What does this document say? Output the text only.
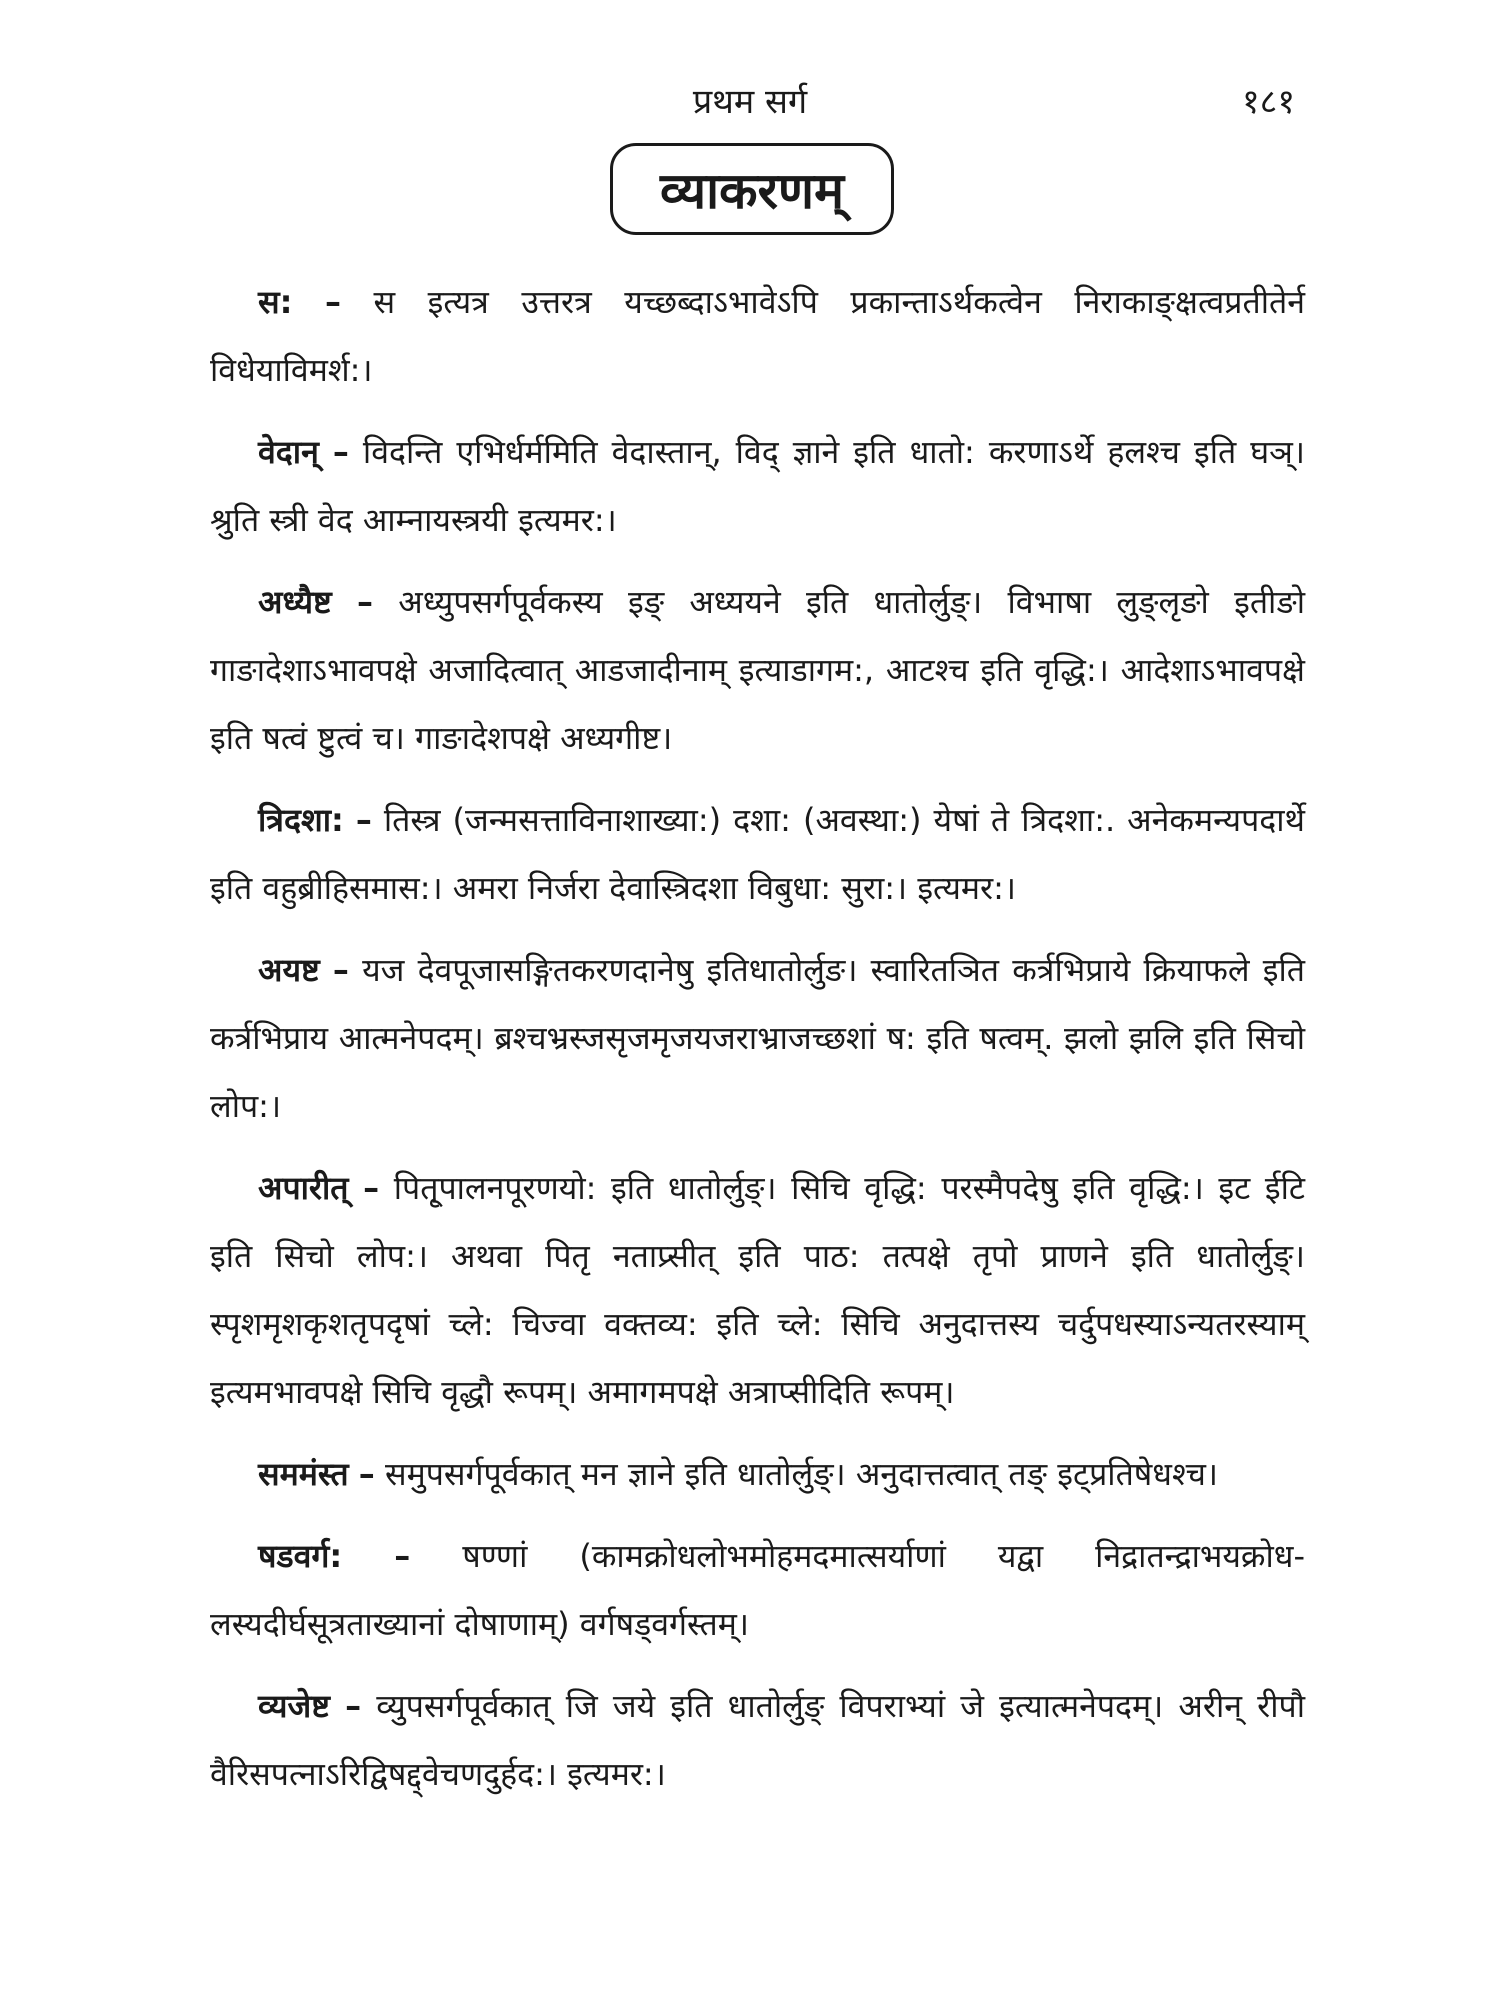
प्रथम सर्ग	१८१
व्याकरणम्

स: – स इत्यत्र उत्तरत्र यच्छब्दाऽभावेऽपि प्रकान्ताऽर्थकत्वेन निराकाङ्क्षत्वप्रतीतेर्न विधेयाविमर्श:।

वेदान् – विदन्ति एभिर्धर्ममिति वेदास्तान्, विद् ज्ञाने इति धातो: करणाऽर्थे हलश्च इति घञ्। श्रुति स्त्री वेद आम्नायस्त्रयी इत्यमर:।

अध्यैष्ट – अध्युपसर्गपूर्वकस्य इङ् अध्ययने इति धातोर्लुङ्। विभाषा लुङ्लृङो इतीङो गाङादेशाऽभावपक्षे अजादित्वात् आडजादीनाम् इत्याडागम:, आटश्च इति वृद्धि:। आदेशाऽभावपक्षे इति षत्वं ष्टुत्वं च। गाङादेशपक्षे अध्यगीष्ट।

त्रिदशा: – तिस्त्र (जन्मसत्ताविनाशाख्या:) दशा: (अवस्था:) येषां ते त्रिदशा:. अनेकमन्यपदार्थे इति वहुब्रीहिसमास:। अमरा निर्जरा देवास्त्रिदशा विबुधा: सुरा:। इत्यमर:।

अयष्ट – यज देवपूजासङ्गितकरणदानेषु इतिधातोर्लुङ। स्वारितञित कर्त्रभिप्राये क्रियाफले इति कर्त्रभिप्राय आत्मनेपदम्। ब्रश्चभ्रस्जसृजमृजयजराभ्राजच्छशां ष: इति षत्वम्. झलो झलि इति सिचो लोप:।

अपारीत् – पितृ्पालनपूरणयो: इति धातोर्लुङ्। सिचि वृद्धि: परस्मैपदेषु इति वृद्धि:। इट ईटि इति सिचो लोप:। अथवा पितृ नताप्र्सीत् इति पाठ: तत्पक्षे तृपो प्राणने इति धातोर्लुङ्। स्पृशमृशकृशतृपदृषां च्ले: चिज्वा वक्तव्य: इति च्ले: सिचि अनुदात्तस्य चर्दुपधस्याऽन्यतरस्याम् इत्यमभावपक्षे सिचि वृद्धौ रूपम्। अमागमपक्षे अत्राप्सीदिति रूपम्।

सममंस्त – समुपसर्गपूर्वकात् मन ज्ञाने इति धातोर्लुङ्। अनुदात्तत्वात् तङ् इट्प्रतिषेधश्च।

षडवर्ग: – षण्णां (कामक्रोधलोभमोहमदमात्सर्याणां यद्वा निद्रातन्द्राभयक्रोध-लस्यदीर्घसूत्रताख्यानां दोषाणाम्) वर्गषड्वर्गस्तम्।

व्यजेष्ट – व्युपसर्गपूर्वकात् जि जये इति धातोर्लुङ् विपराभ्यां जे इत्यात्मनेपदम्। अरीन् रीपौ वैरिसपत्नाऽरिद्विषद्द्वेचणदुर्हद:। इत्यमर:।
